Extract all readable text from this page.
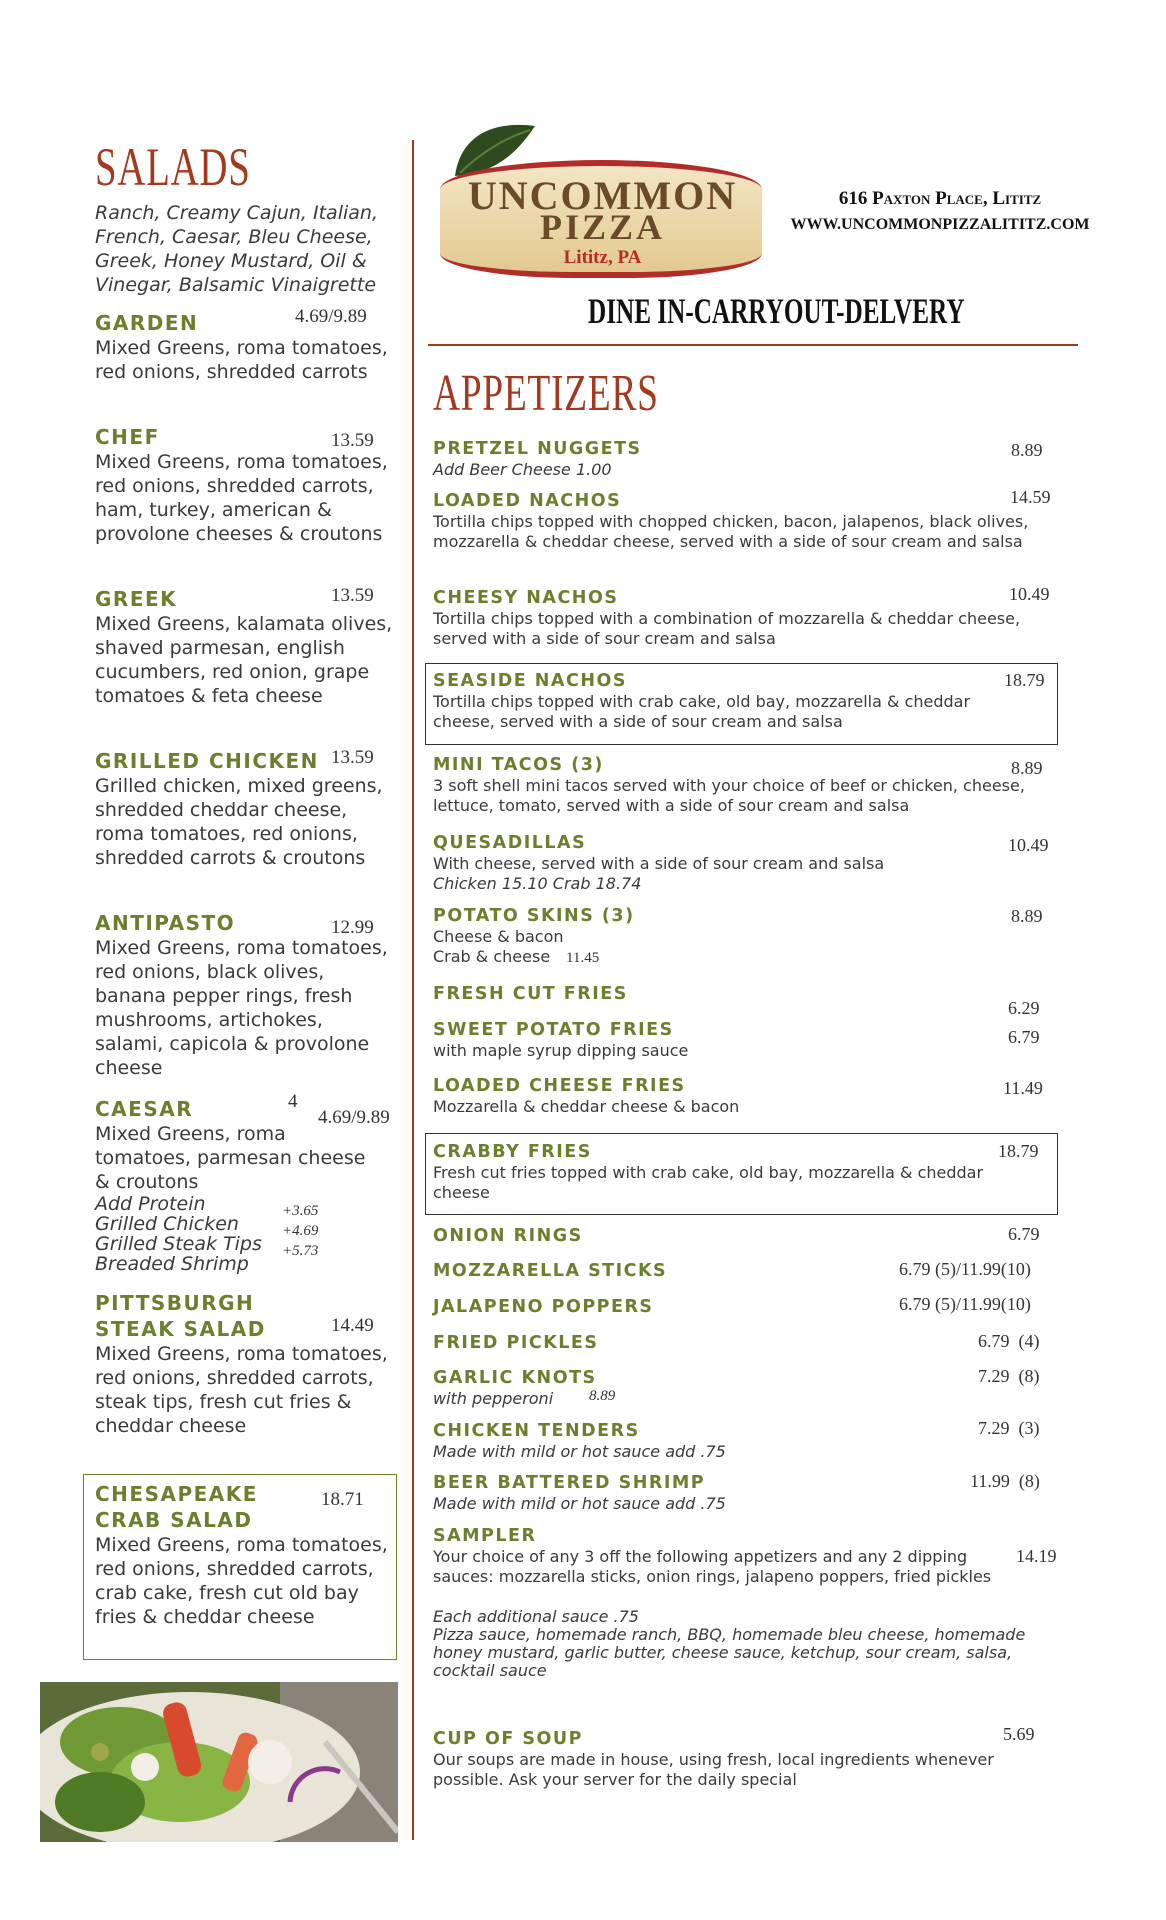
UNCOMMON
PIZZA
Lititz, PA
616 Paxton Place, Lititz
WWW.UNCOMMONPIZZALITITZ.COM
DINE IN-CARRYOUT-DELVERY
SALADS
Ranch, Creamy Cajun, Italian, French, Caesar, Bleu Cheese, Greek, Honey Mustard, Oil & Vinegar, Balsamic Vinaigrette
GARDEN
Mixed Greens, roma tomatoes, red onions, shredded carrots
4.69/9.89
CHEF
Mixed Greens, roma tomatoes, red onions, shredded carrots, ham, turkey, american & provolone cheeses & croutons
13.59
GREEK
Mixed Greens, kalamata olives, shaved parmesan, english cucumbers, red onion, grape tomatoes & feta cheese
13.59
GRILLED CHICKEN
Grilled chicken, mixed greens, shredded cheddar cheese, roma tomatoes, red onions, shredded carrots & croutons
13.59
ANTIPASTO
Mixed Greens, roma tomatoes, red onions, black olives, banana pepper rings, fresh mushrooms, artichokes, salami, capicola & provolone cheese
12.99
CAESAR
Mixed Greens, roma tomatoes, parmesan cheese & croutons
Add Protein
Grilled Chicken
Grilled Steak Tips
Breaded Shrimp
4
4.69/9.89
+3.65
+4.69
+5.73
PITTSBURGH
STEAK SALAD
Mixed Greens, roma tomatoes, red onions, shredded carrots, steak tips, fresh cut fries & cheddar cheese
14.49
CHESAPEAKE
CRAB SALAD
Mixed Greens, roma tomatoes, red onions, shredded carrots, crab cake, fresh cut old bay fries & cheddar cheese
18.71
APPETIZERS
PRETZEL NUGGETS
Add Beer Cheese 1.00
8.89
LOADED NACHOS
Tortilla chips topped with chopped chicken, bacon, jalapenos, black olives, mozzarella & cheddar cheese, served with a side of sour cream and salsa
14.59
CHEESY NACHOS
Tortilla chips topped with a combination of mozzarella & cheddar cheese, served with a side of sour cream and salsa
10.49
SEASIDE NACHOS
Tortilla chips topped with crab cake, old bay, mozzarella & cheddar cheese, served with a side of sour cream and salsa
18.79
MINI TACOS (3)
3 soft shell mini tacos served with your choice of beef or chicken, cheese, lettuce, tomato, served with a side of sour cream and salsa
8.89
QUESADILLAS
With cheese, served with a side of sour cream and salsa
Chicken 15.10 Crab 18.74
10.49
POTATO SKINS (3)
Cheese & bacon
Crab & cheese
8.89
11.45
FRESH CUT FRIES
6.29
SWEET POTATO FRIES
with maple syrup dipping sauce
6.79
LOADED CHEESE FRIES
Mozzarella & cheddar cheese & bacon
11.49
CRABBY FRIES
Fresh cut fries topped with crab cake, old bay, mozzarella & cheddar cheese
18.79
ONION RINGS	6.79
MOZZARELLA STICKS	6.79 (5)/11.99(10)
JALAPENO POPPERS	6.79 (5)/11.99(10)
FRIED PICKLES	6.79  (4)
GARLIC KNOTS
with pepperoni	8.89
7.29  (8)
CHICKEN TENDERS
Made with mild or hot sauce add .75
7.29  (3)
BEER BATTERED SHRIMP
Made with mild or hot sauce add .75
11.99  (8)
SAMPLER
Your choice of any 3 off the following appetizers and any 2 dipping sauces: mozzarella sticks, onion rings, jalapeno poppers, fried pickles
14.19
Each additional sauce .75
Pizza sauce, homemade ranch, BBQ, homemade bleu cheese, homemade honey mustard, garlic butter, cheese sauce, ketchup, sour cream, salsa, cocktail sauce
CUP OF SOUP
Our soups are made in house, using fresh, local ingredients whenever possible. Ask your server for the daily special
5.69
